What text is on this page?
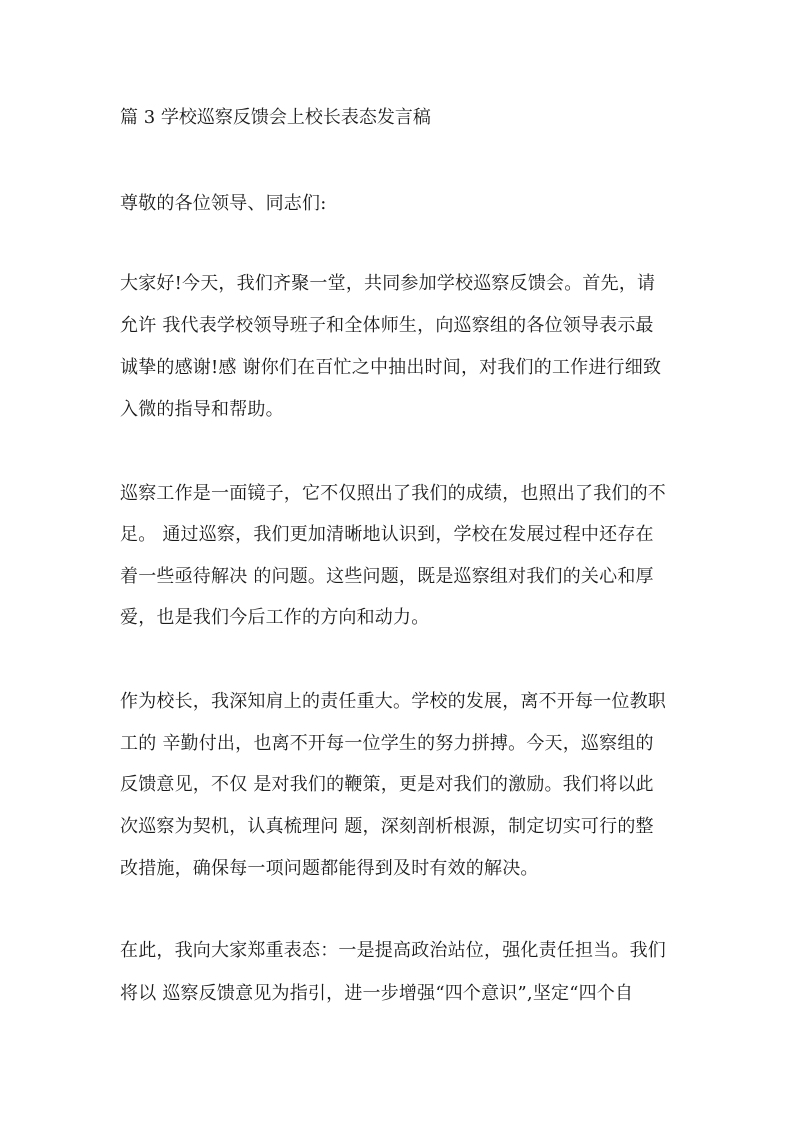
篇 3 学校巡察反馈会上校长表态发言稿
尊敬的各位领导、同志们:
大家好!今天，我们齐聚一堂，共同参加学校巡察反馈会。首先，请
允许 我代表学校领导班子和全体师生，向巡察组的各位领导表示最
诚挚的感谢!感 谢你们在百忙之中抽出时间，对我们的工作进行细致
入微的指导和帮助。
巡察工作是一面镜子，它不仅照出了我们的成绩，也照出了我们的不
足。 通过巡察，我们更加清晰地认识到，学校在发展过程中还存在
着一些亟待解决 的问题。这些问题，既是巡察组对我们的关心和厚
爱，也是我们今后工作的方向和动力。
作为校长，我深知肩上的责任重大。学校的发展，离不开每一位教职
工的 辛勤付出，也离不开每一位学生的努力拼搏。今天，巡察组的
反馈意见，不仅 是对我们的鞭策，更是对我们的激励。我们将以此
次巡察为契机，认真梳理问 题，深刻剖析根源，制定切实可行的整
改措施，确保每一项问题都能得到及时有效的解决。
在此，我向大家郑重表态：一是提高政治站位，强化责任担当。我们
将以 巡察反馈意见为指引，进一步增强“四个意识”,坚定“四个自
